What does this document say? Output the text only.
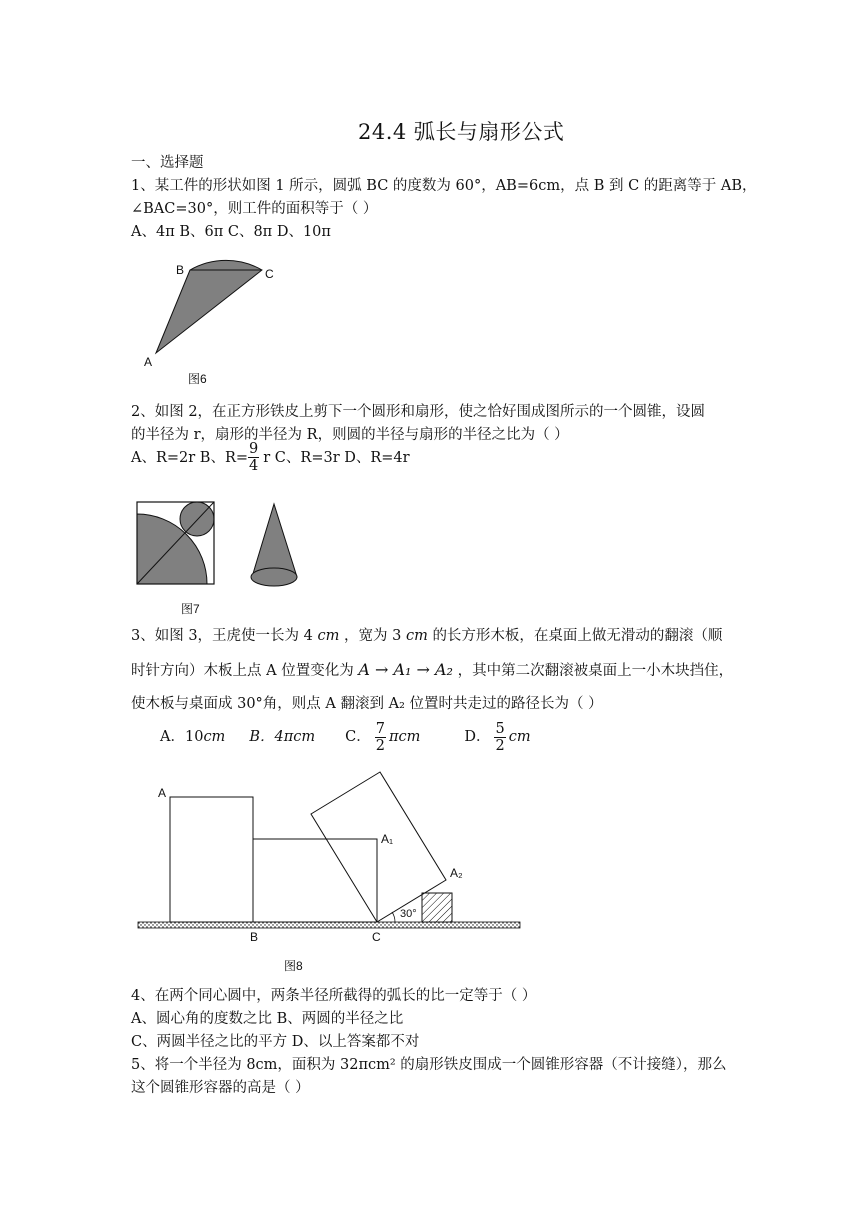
24.4 弧长与扇形公式
一、选择题
1、某工件的形状如图 1 所示，圆弧 BC 的度数为 60°，AB=6cm，点 B 到 C 的距离等于 AB，
∠BAC=30°，则工件的面积等于（ ）
A、4π B、6π C、8π D、10π
B	C
A
图6
2、如图 2，在正方形铁皮上剪下一个圆形和扇形，使之恰好围成图所示的一个圆锥，设圆
的半径为 r，扇形的半径为 R，则圆的半径与扇形的半径之比为（ ）
A、R=2r B、$R= \frac{9}{4}$ r C、R=3r D、R=4r
图7
3、如图 3，王虎使一长为 4 cm ，宽为 3 cm 的长方形木板，在桌面上做无滑动的翻滚（顺
时针方向）木板上点 A 位置变化为 A → A₁ → A₂ ，其中第二次翻滚被桌面上一小木块挡住，
使木板与桌面成 30°角，则点 A 翻滚到 A₂ 位置时共走过的路径长为（ ）
A．10 cm B．4πcm C． $\frac{7}{2}$ πcm	D． $\frac{5}{2}$ cm
A
A₁
A₂
B	C
30°
图8
4、在两个同心圆中，两条半径所截得的弧长的比一定等于（ ）
A、圆心角的度数之比 B、两圆的半径之比
C、两圆半径之比的平方 D、以上答案都不对
5、将一个半径为 8cm，面积为 32πcm² 的扇形铁皮围成一个圆锥形容器（不计接缝），那么
这个圆锥形容器的高是（ ）
